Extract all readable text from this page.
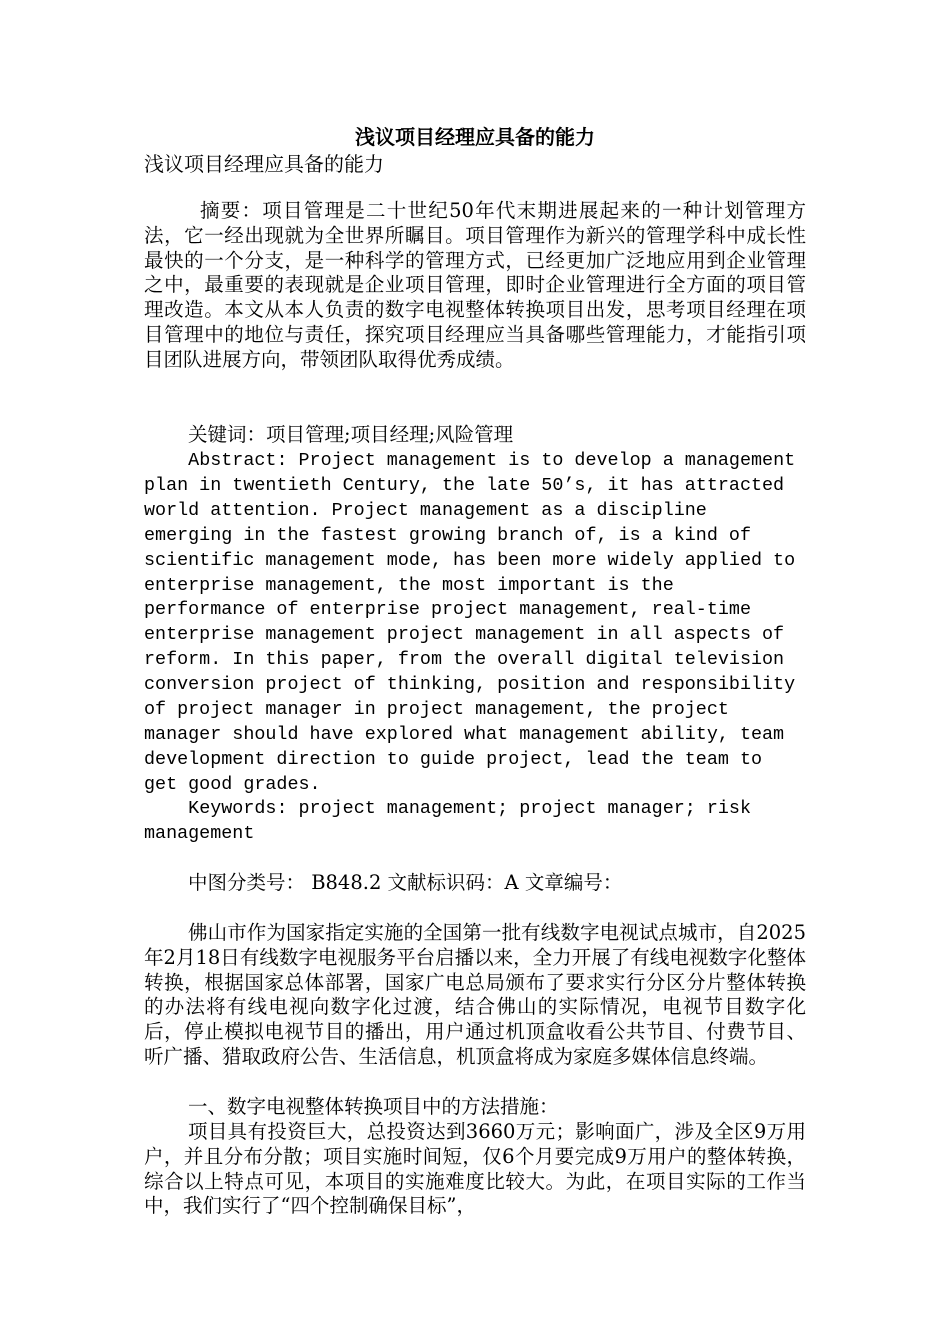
浅议项目经理应具备的能力
浅议项目经理应具备的能力

摘要：项目管理是二十世纪50年代末期进展起来的一种计划管理方法，它一经出现就为全世界所瞩目。项目管理作为新兴的管理学科中成长性最快的一个分支，是一种科学的管理方式，已经更加广泛地应用到企业管理之中，最重要的表现就是企业项目管理，即时企业管理进行全方面的项目管理改造。本文从本人负责的数字电视整体转换项目出发，思考项目经理在项目管理中的地位与责任，探究项目经理应当具备哪些管理能力，才能指引项目团队进展方向，带领团队取得优秀成绩。

关键词：项目管理;项目经理;风险管理

Abstract: Project management is to develop a management
plan in twentieth Century, the late 50’s, it has attracted
world attention. Project management as a discipline
emerging in the fastest growing branch of, is a kind of
scientific management mode, has been more widely applied to
enterprise management, the most important is the
performance of enterprise project management, real-time
enterprise management project management in all aspects of
reform. In this paper, from the overall digital television
conversion project of thinking, position and responsibility
of project manager in project management, the project
manager should have explored what management ability, team
development direction to guide project, lead the team to
get good grades.
Keywords: project management; project manager; risk
management

中图分类号： B848.2 文献标识码：A 文章编号：

佛山市作为国家指定实施的全国第一批有线数字电视试点城市，自2025年2月18日有线数字电视服务平台启播以来，全力开展了有线电视数字化整体转换，根据国家总体部署，国家广电总局颁布了要求实行分区分片整体转换的办法将有线电视向数字化过渡，结合佛山的实际情况，电视节目数字化后，停止模拟电视节目的播出，用户通过机顶盒收看公共节目、付费节目、听广播、猎取政府公告、生活信息，机顶盒将成为家庭多媒体信息终端。

一、数字电视整体转换项目中的方法措施：

项目具有投资巨大，总投资达到3660万元；影响面广，涉及全区9万用户，并且分布分散；项目实施时间短，仅6个月要完成9万用户的整体转换，综合以上特点可见，本项目的实施难度比较大。为此，在项目实际的工作当中，我们实行了“四个控制确保目标”，
